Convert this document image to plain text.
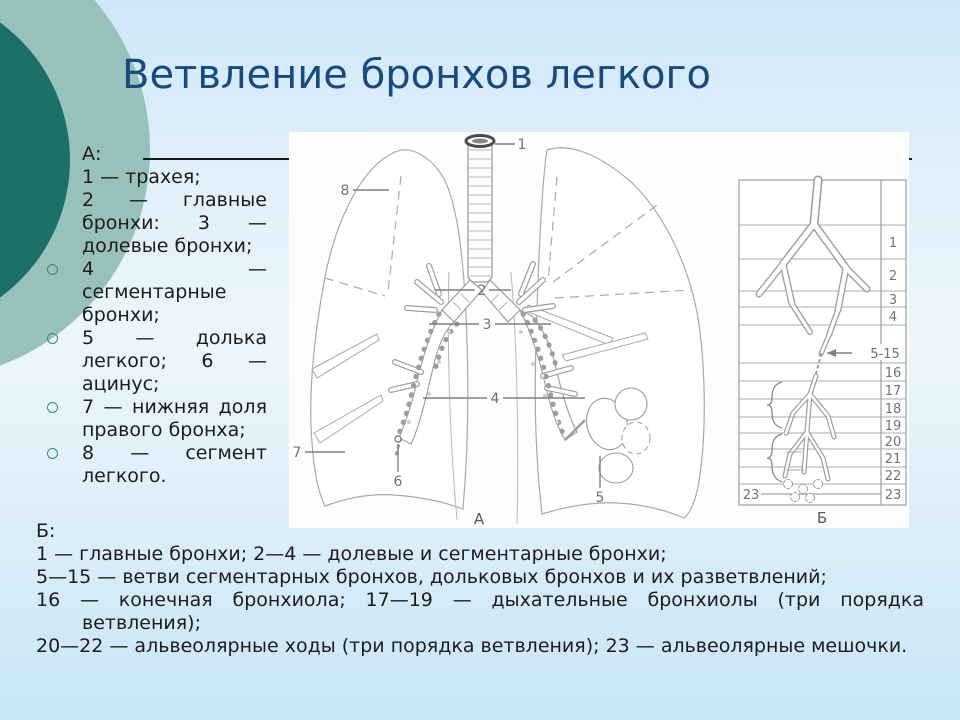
Ветвление бронхов легкого
1
2
3
4
5
6
7
8
А
5-15
1
2
3
4
16
17
18
19
20
21
22
23
23
Б
А:
1 — трахея;
2 — главные
бронхи: 3 —
долевые бронхи;
4 — сегментарные
бронхи;
5 — долька
легкого; 6 —
ацинус;
7 — нижняя доля
правого бронха;
8 — сегмент
легкого.
Б:
1 — главные бронхи; 2—4 — долевые и сегментарные бронхи;
5—15 — ветви сегментарных бронхов, дольковых бронхов и их разветвлений;
16 — конечная бронхиола; 17—19 — дыхательные бронхиолы (три порядка
ветвления);
20—22 — альвеолярные ходы (три порядка ветвления); 23 — альвеолярные мешочки.
